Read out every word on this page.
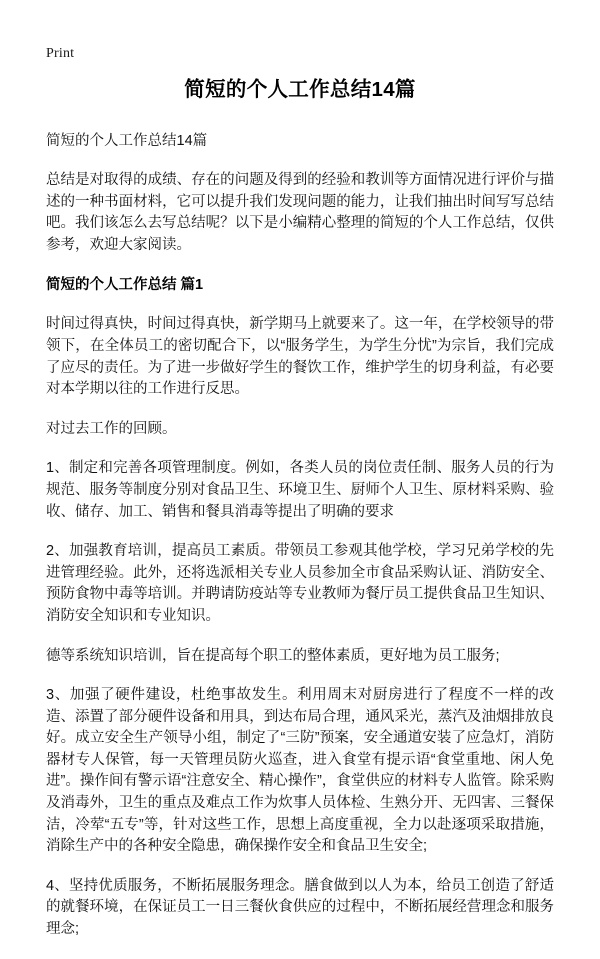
Print
简短的个人工作总结14篇
简短的个人工作总结14篇

总结是对取得的成绩、存在的问题及得到的经验和教训等方面情况进行评价与描述的一种书面材料，它可以提升我们发现问题的能力，让我们抽出时间写写总结吧。我们该怎么去写总结呢？以下是小编精心整理的简短的个人工作总结，仅供参考，欢迎大家阅读。

简短的个人工作总结 篇1

时间过得真快，时间过得真快，新学期马上就要来了。这一年，在学校领导的带领下，在全体员工的密切配合下，以“服务学生，为学生分忧”为宗旨，我们完成了应尽的责任。为了进一步做好学生的餐饮工作，维护学生的切身利益，有必要对本学期以往的工作进行反思。

对过去工作的回顾。

1、制定和完善各项管理制度。例如，各类人员的岗位责任制、服务人员的行为规范、服务等制度分别对食品卫生、环境卫生、厨师个人卫生、原材料采购、验收、储存、加工、销售和餐具消毒等提出了明确的要求

2、加强教育培训，提高员工素质。带领员工参观其他学校，学习兄弟学校的先进管理经验。此外，还将选派相关专业人员参加全市食品采购认证、消防安全、预防食物中毒等培训。并聘请防疫站等专业教师为餐厅员工提供食品卫生知识、消防安全知识和专业知识。

德等系统知识培训，旨在提高每个职工的整体素质，更好地为员工服务;

3、加强了硬件建设，杜绝事故发生。利用周末对厨房进行了程度不一样的改造、添置了部分硬件设备和用具，到达布局合理，通风采光，蒸汽及油烟排放良好。成立安全生产领导小组，制定了“三防”预案，安全通道安装了应急灯，消防器材专人保管，每一天管理员防火巡查，进入食堂有提示语“食堂重地、闲人免进”。操作间有警示语“注意安全、精心操作”，食堂供应的材料专人监管。除采购及消毒外，卫生的重点及难点工作为炊事人员体检、生熟分开、无四害、三餐保洁，冷荤“五专”等，针对这些工作，思想上高度重视，全力以赴逐项采取措施，消除生产中的各种安全隐患，确保操作安全和食品卫生安全;

4、坚持优质服务，不断拓展服务理念。膳食做到以人为本，给员工创造了舒适的就餐环境，在保证员工一日三餐伙食供应的过程中，不断拓展经营理念和服务理念;
